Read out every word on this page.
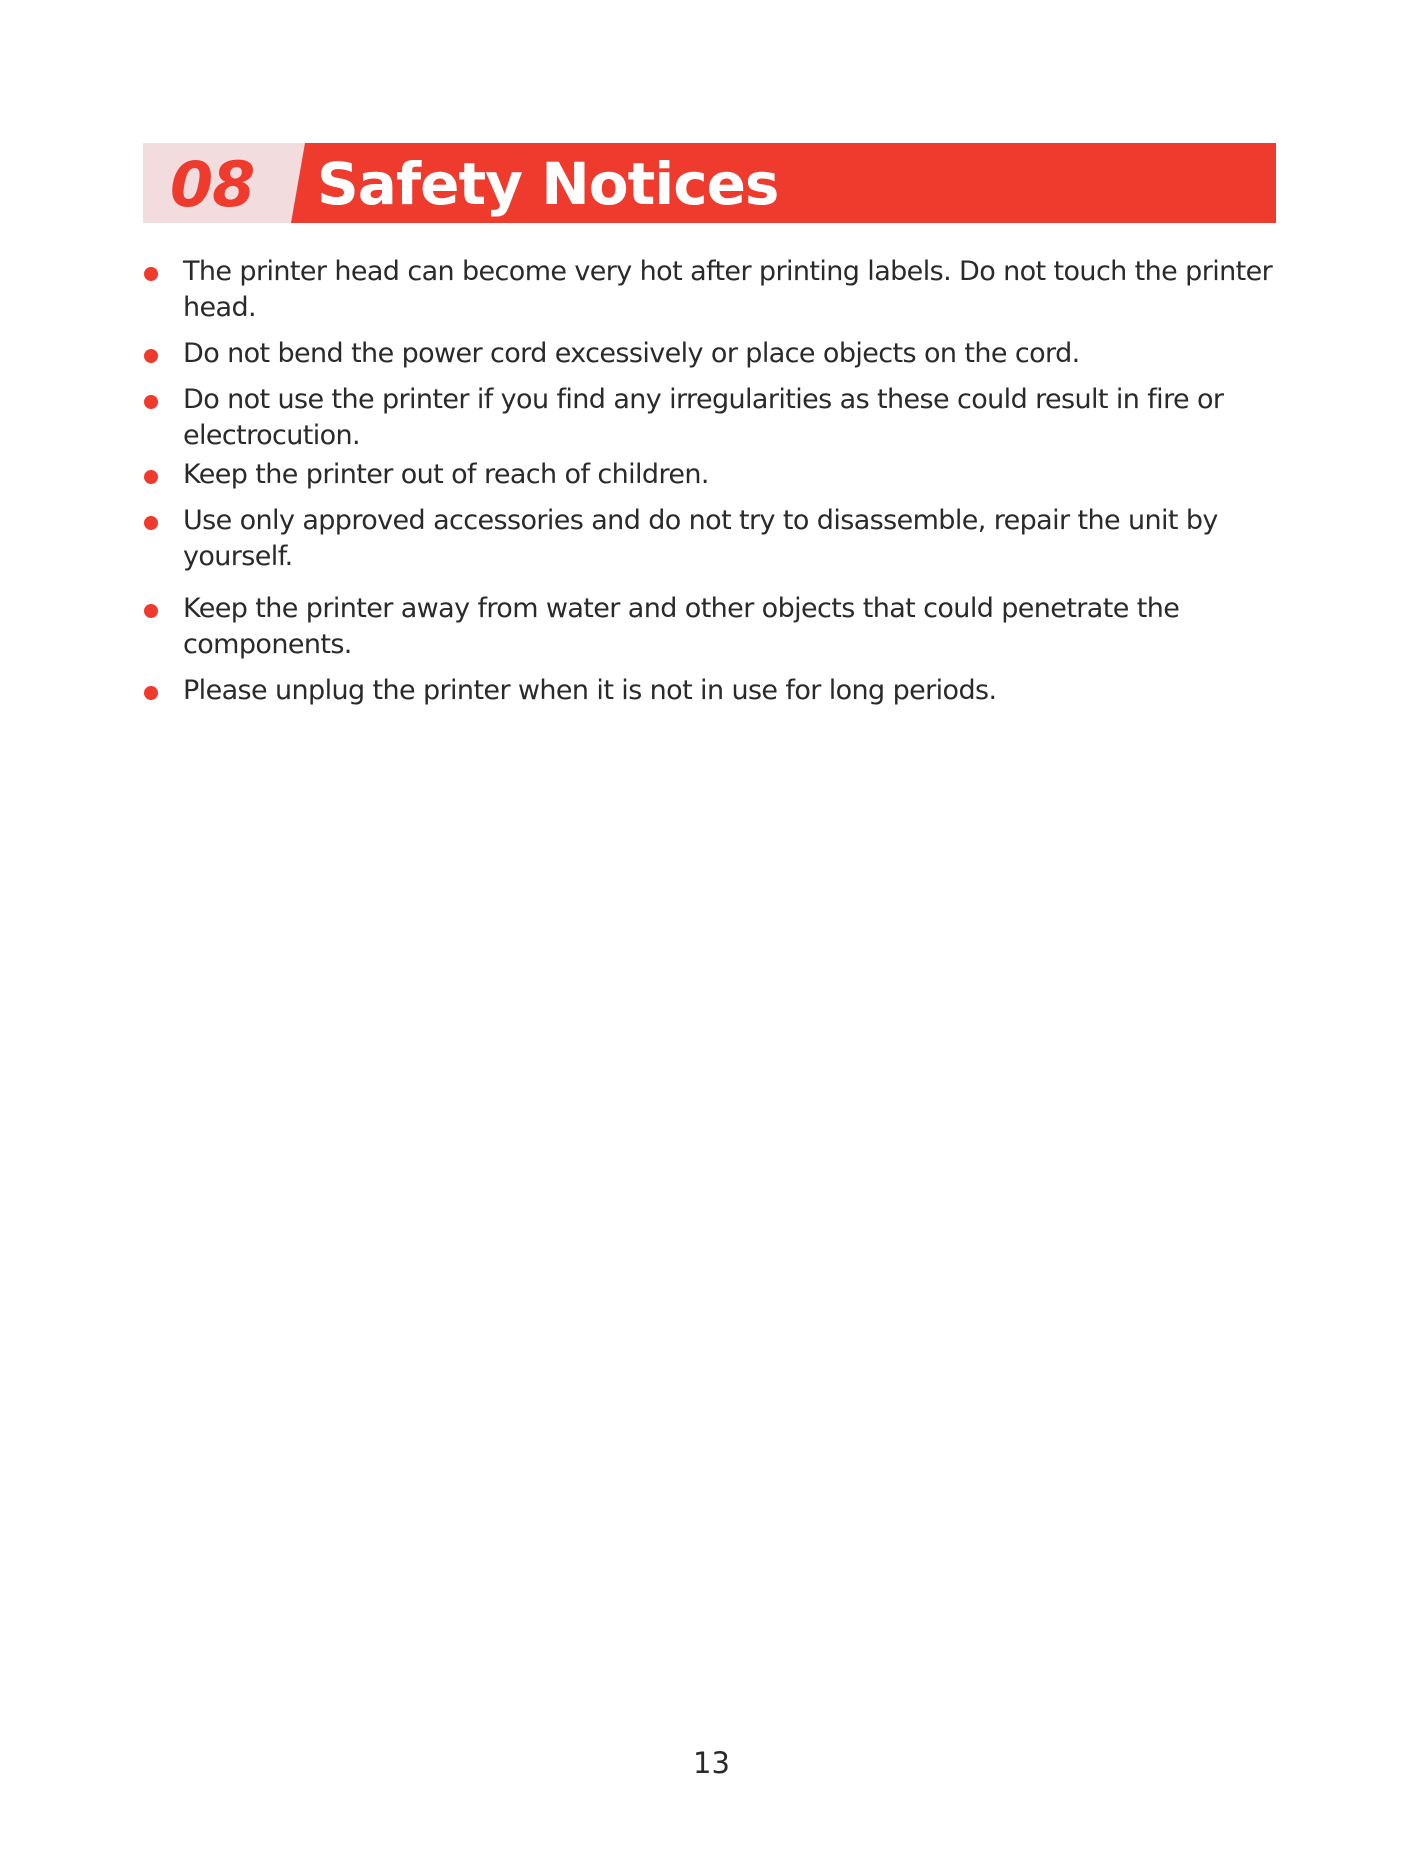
08 Safety Notices
The printer head can become very hot after printing labels. Do not touch the printer head.
Do not bend the power cord excessively or place objects on the cord.
Do not use the printer if you find any irregularities as these could result in fire or electrocution.
Keep the printer out of reach of children.
Use only approved accessories and do not try to disassemble, repair the unit by yourself.
Keep the printer away from water and other objects that could penetrate the components.
Please unplug the printer when it is not in use for long periods.
13
